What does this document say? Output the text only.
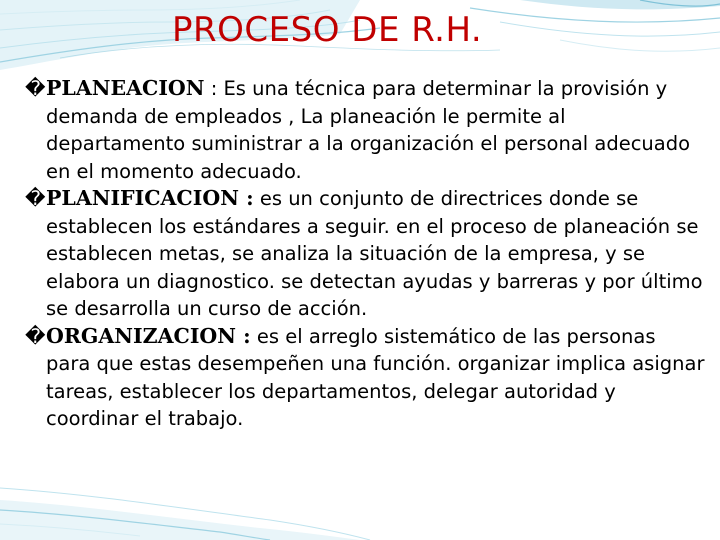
PROCESO DE R.H.
� PLANEACION : Es una técnica para determinar la provisión y demanda de empleados , La planeación le permite al departamento suministrar a la organización el personal adecuado en el momento adecuado.
� PLANIFICACION : es un conjunto de directrices donde se establecen los estándares a seguir. en el proceso de planeación se establecen metas, se analiza la situación de la empresa, y se elabora un diagnostico. se detectan ayudas y barreras y por último se desarrolla un curso de acción.
� ORGANIZACION : es el arreglo sistemático de las personas para que estas desempeñen una función. organizar implica asignar tareas, establecer los departamentos, delegar autoridad y coordinar el trabajo.
